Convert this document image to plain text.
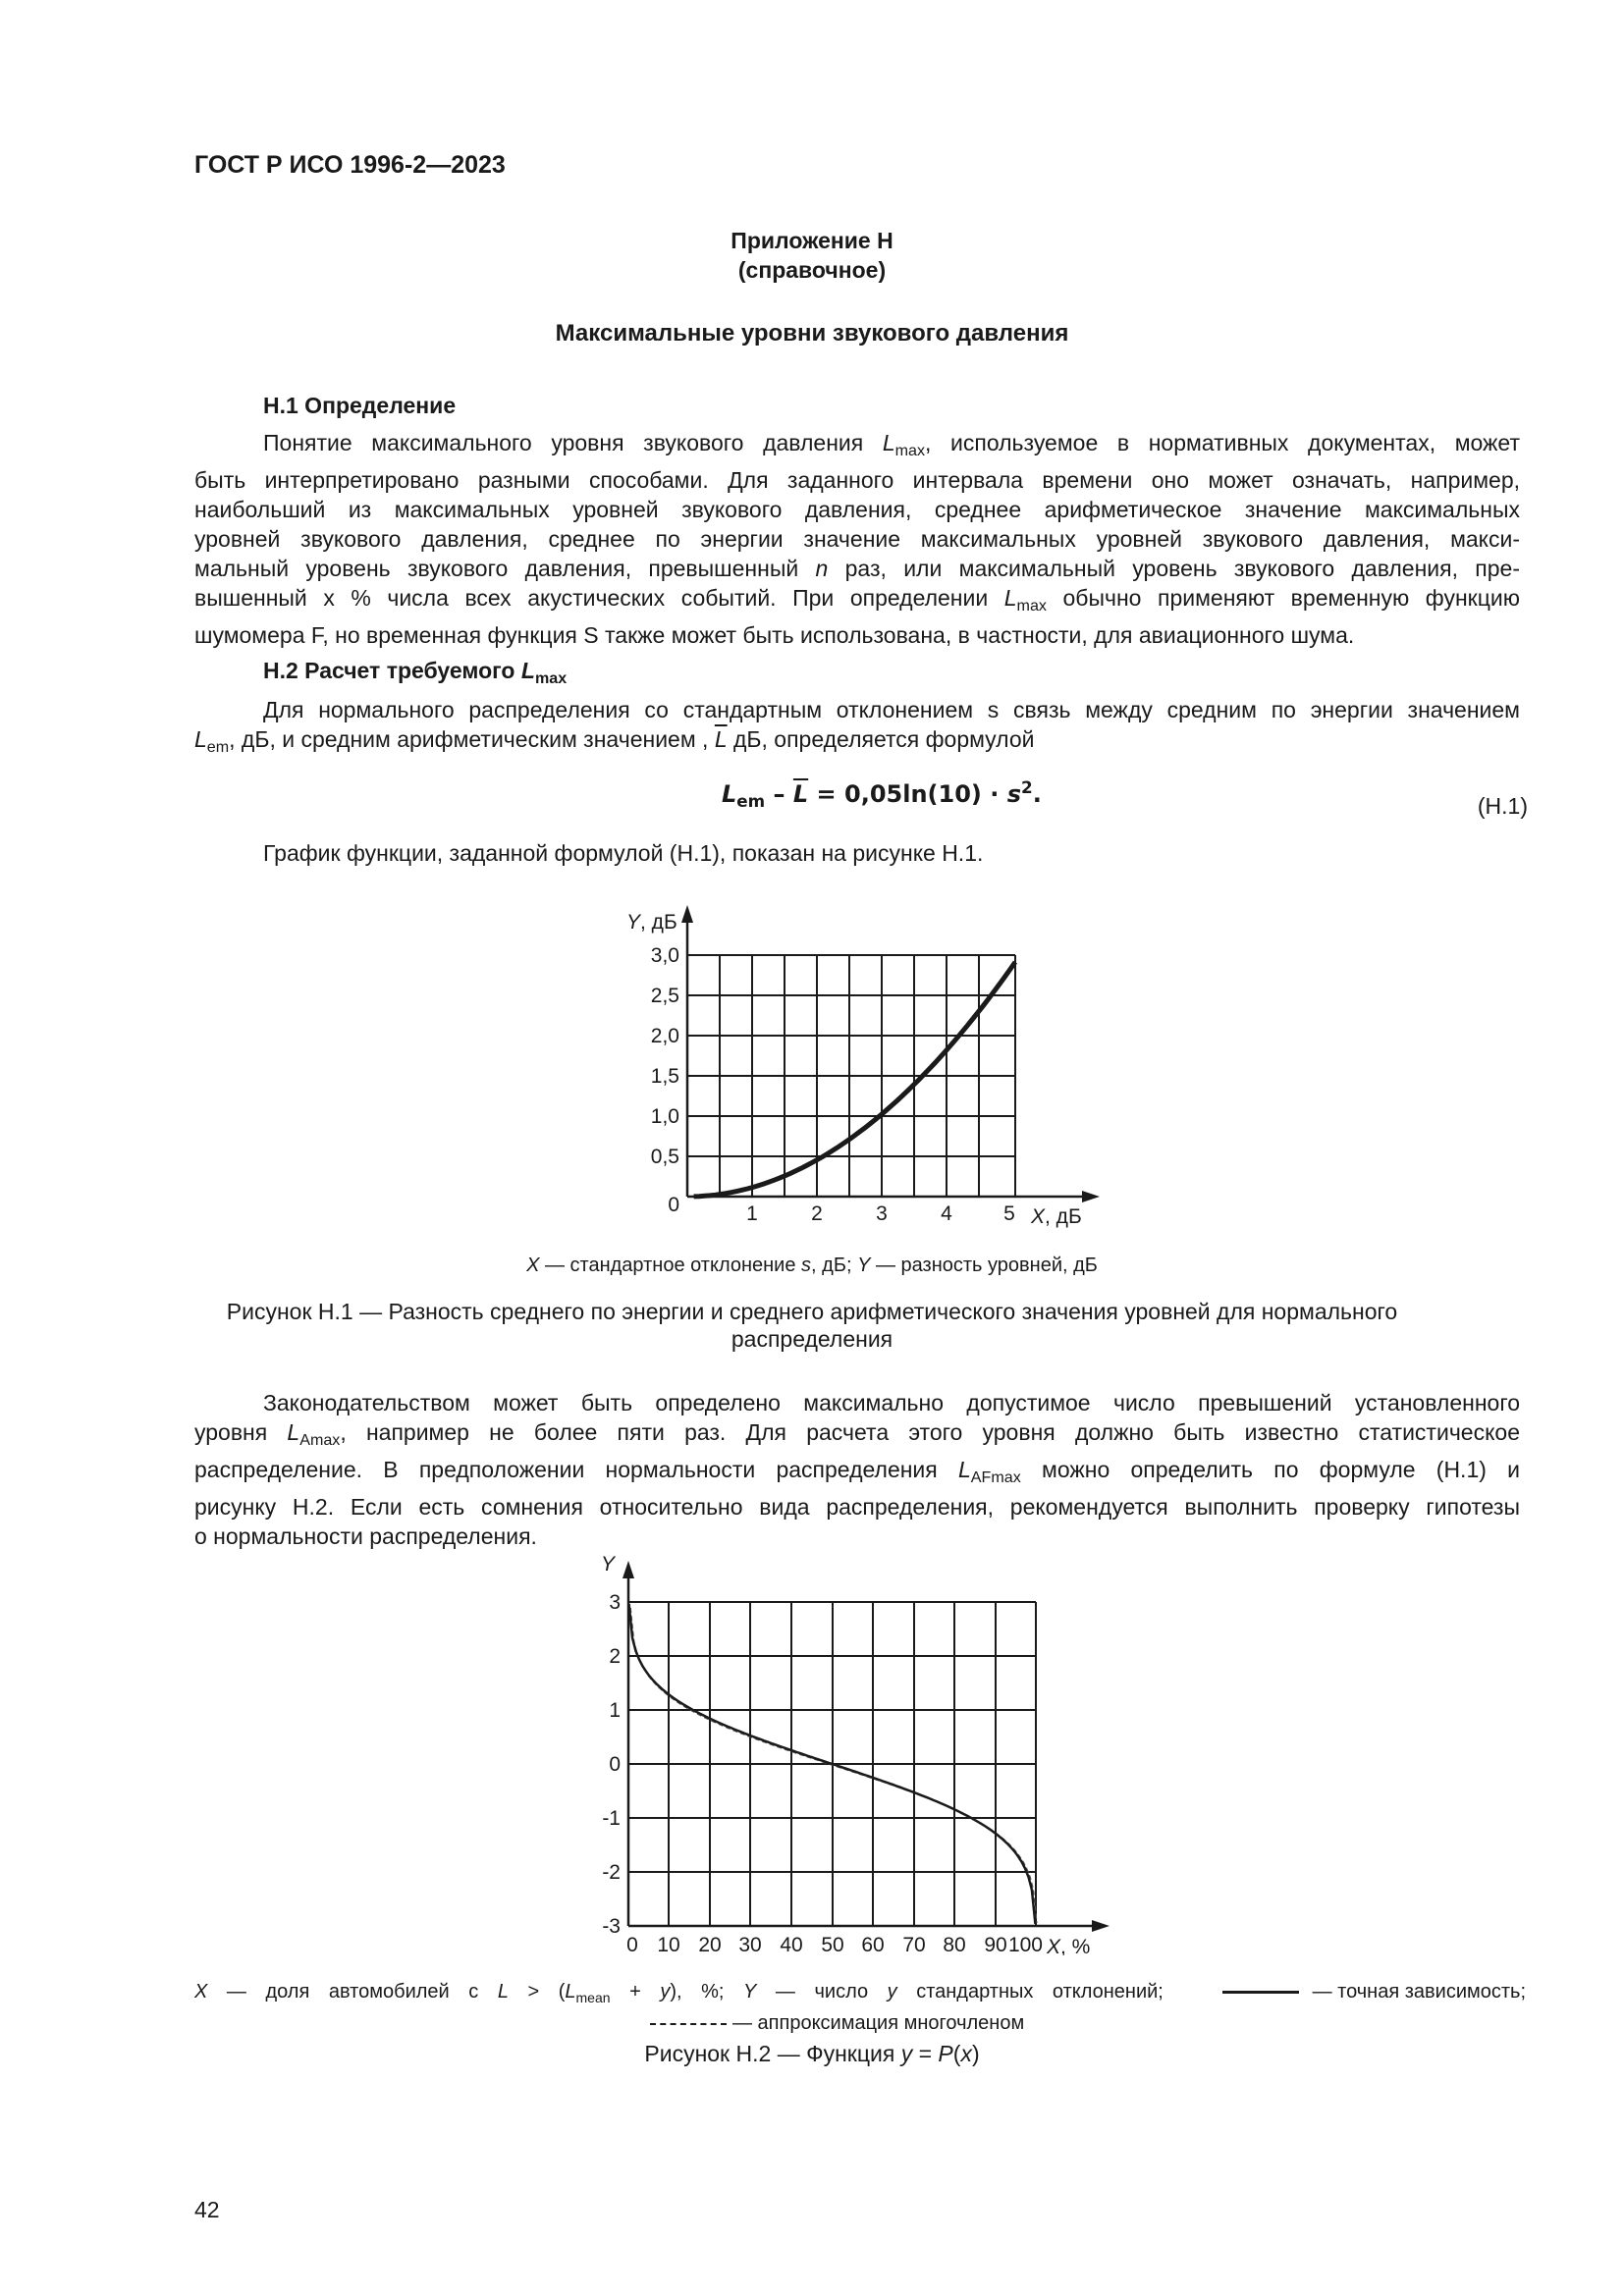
ГОСТ Р ИСО 1996-2—2023
Приложение Н
(справочное)
Максимальные уровни звукового давления
Н.1 Определение
Понятие максимального уровня звукового давления $L_{max}$, используемое в нормативных документах, может
быть интерпретировано разными способами. Для заданного интервала времени оно может означать, например,
наибольший из максимальных уровней звукового давления, среднее арифметическое значение максимальных
уровней звукового давления, среднее по энергии значение максимальных уровней звукового давления, макси-
мальный уровень звукового давления, превышенный n раз, или максимальный уровень звукового давления, пре-
вышенный x % числа всех акустических событий. При определении $L_{max}$ обычно применяют временную функцию
шумомера F, но временная функция S также может быть использована, в частности, для авиационного шума.
Н.2 Расчет требуемого $L_{max}$
Для нормального распределения со стандартным отклонением s связь между средним по энергии значением
$L_{em}$, дБ, и средним арифметическим значением , $\overline{L}$ дБ, определяется формулой
$L_{em} - \overline{L} = 0,05\ln(10) \cdot s^2$.	(Н.1)
График функции, заданной формулой (Н.1), показан на рисунке Н.1.
Y, дБ
X, дБ
3,0
2,5
2,0
1,5
1,0
0,5
0	1	2	3	4 5
X — стандартное отклонение s, дБ; Y — разность уровней, дБ
Рисунок Н.1 — Разность среднего по энергии и среднего арифметического значения уровней для нормального
распределения
Законодательством может быть определено максимально допустимое число превышений установленного
уровня $L_{Amax}$, например не более пяти раз. Для расчета этого уровня должно быть известно статистическое
распределение. В предположении нормальности распределения $L_{AFmax}$ можно определить по формуле (Н.1) и
рисунку Н.2. Если есть сомнения относительно вида распределения, рекомендуется выполнить проверку гипотезы
о нормальности распределения.
Y
X, %
3
2
1
0
-1
-2
-3
0 10 20 30 40 50 60 70 80 90 100
X — доля автомобилей с $L > (L_{mean} + y)$, %; Y — число y стандартных отклонений;	— точная зависимость;
— аппроксимация многочленом
Рисунок Н.2 — Функция y = P(x)
42
